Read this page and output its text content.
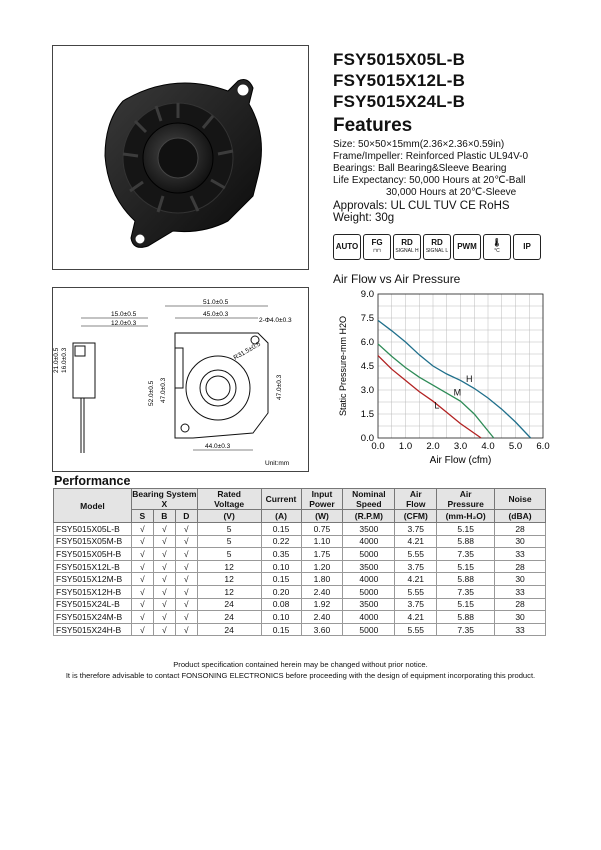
FSY5015X05L-B
FSY5015X12L-B
FSY5015X24L-B
Features
Size: 50×50×15mm(2.36×2.36×0.59in)
Frame/Impeller: Reinforced Plastic UL94V-0
Bearings: Ball Bearing&Sleeve Bearing
Life Expectancy: 50,000 Hours at 20℃-Ball
30,000 Hours at 20℃-Sleeve
Approvals: UL CUL TUV CE RoHS
Weight: 30g
AUTO FG
⊓⊓
RD
SIGNAL H
RD
SIGNAL L PWM 🌡
°C	IP
15.0±0.5
12.0±0.3
21.0±0.5 16.0±0.3
51.0±0.5
45.0±0.3
2-Φ4.0±0.3
R31.5±0.5
52.0±0.5 47.0±0.3	47.0±0.3
44.0±0.3
Unit:mm
Air Flow vs Air Pressure
0.0 1.0 2.0 3.0 4.0 5.0 6.0
0.0
1.5
3.0
4.5
6.0
7.5
9.0
Air Flow (cfm)
Static Pressure-mm H2O	H
M
L
Performance
Model	Bearing System
X			Rated
Voltage	Current	Input
Power	Nominal
Speed	Air
Flow	Air
Pressure	Noise
	S	B	D	(V)	(A)	(W)	(R.P.M)	(CFM)	(mm-H₂O)	(dBA)
FSY5015X05L-B	√	√	√	5	0.15	0.75	3500	3.75	5.15	28
FSY5015X05M-B	√	√	√	5	0.22	1.10	4000	4.21	5.88	30
FSY5015X05H-B	√	√	√	5	0.35	1.75	5000	5.55	7.35	33
FSY5015X12L-B	√	√	√	12	0.10	1.20	3500	3.75	5.15	28
FSY5015X12M-B	√	√	√	12	0.15	1.80	4000	4.21	5.88	30
FSY5015X12H-B	√	√	√	12	0.20	2.40	5000	5.55	7.35	33
FSY5015X24L-B	√	√	√	24	0.08	1.92	3500	3.75	5.15	28
FSY5015X24M-B	√	√	√	24	0.10	2.40	4000	4.21	5.88	30
FSY5015X24H-B	√	√	√	24	0.15	3.60	5000	5.55	7.35	33
Product specification contained herein may be changed without prior notice.
It is therefore advisable to contact FONSONING ELECTRONICS before proceeding with the design of equipment incorporating this product.
